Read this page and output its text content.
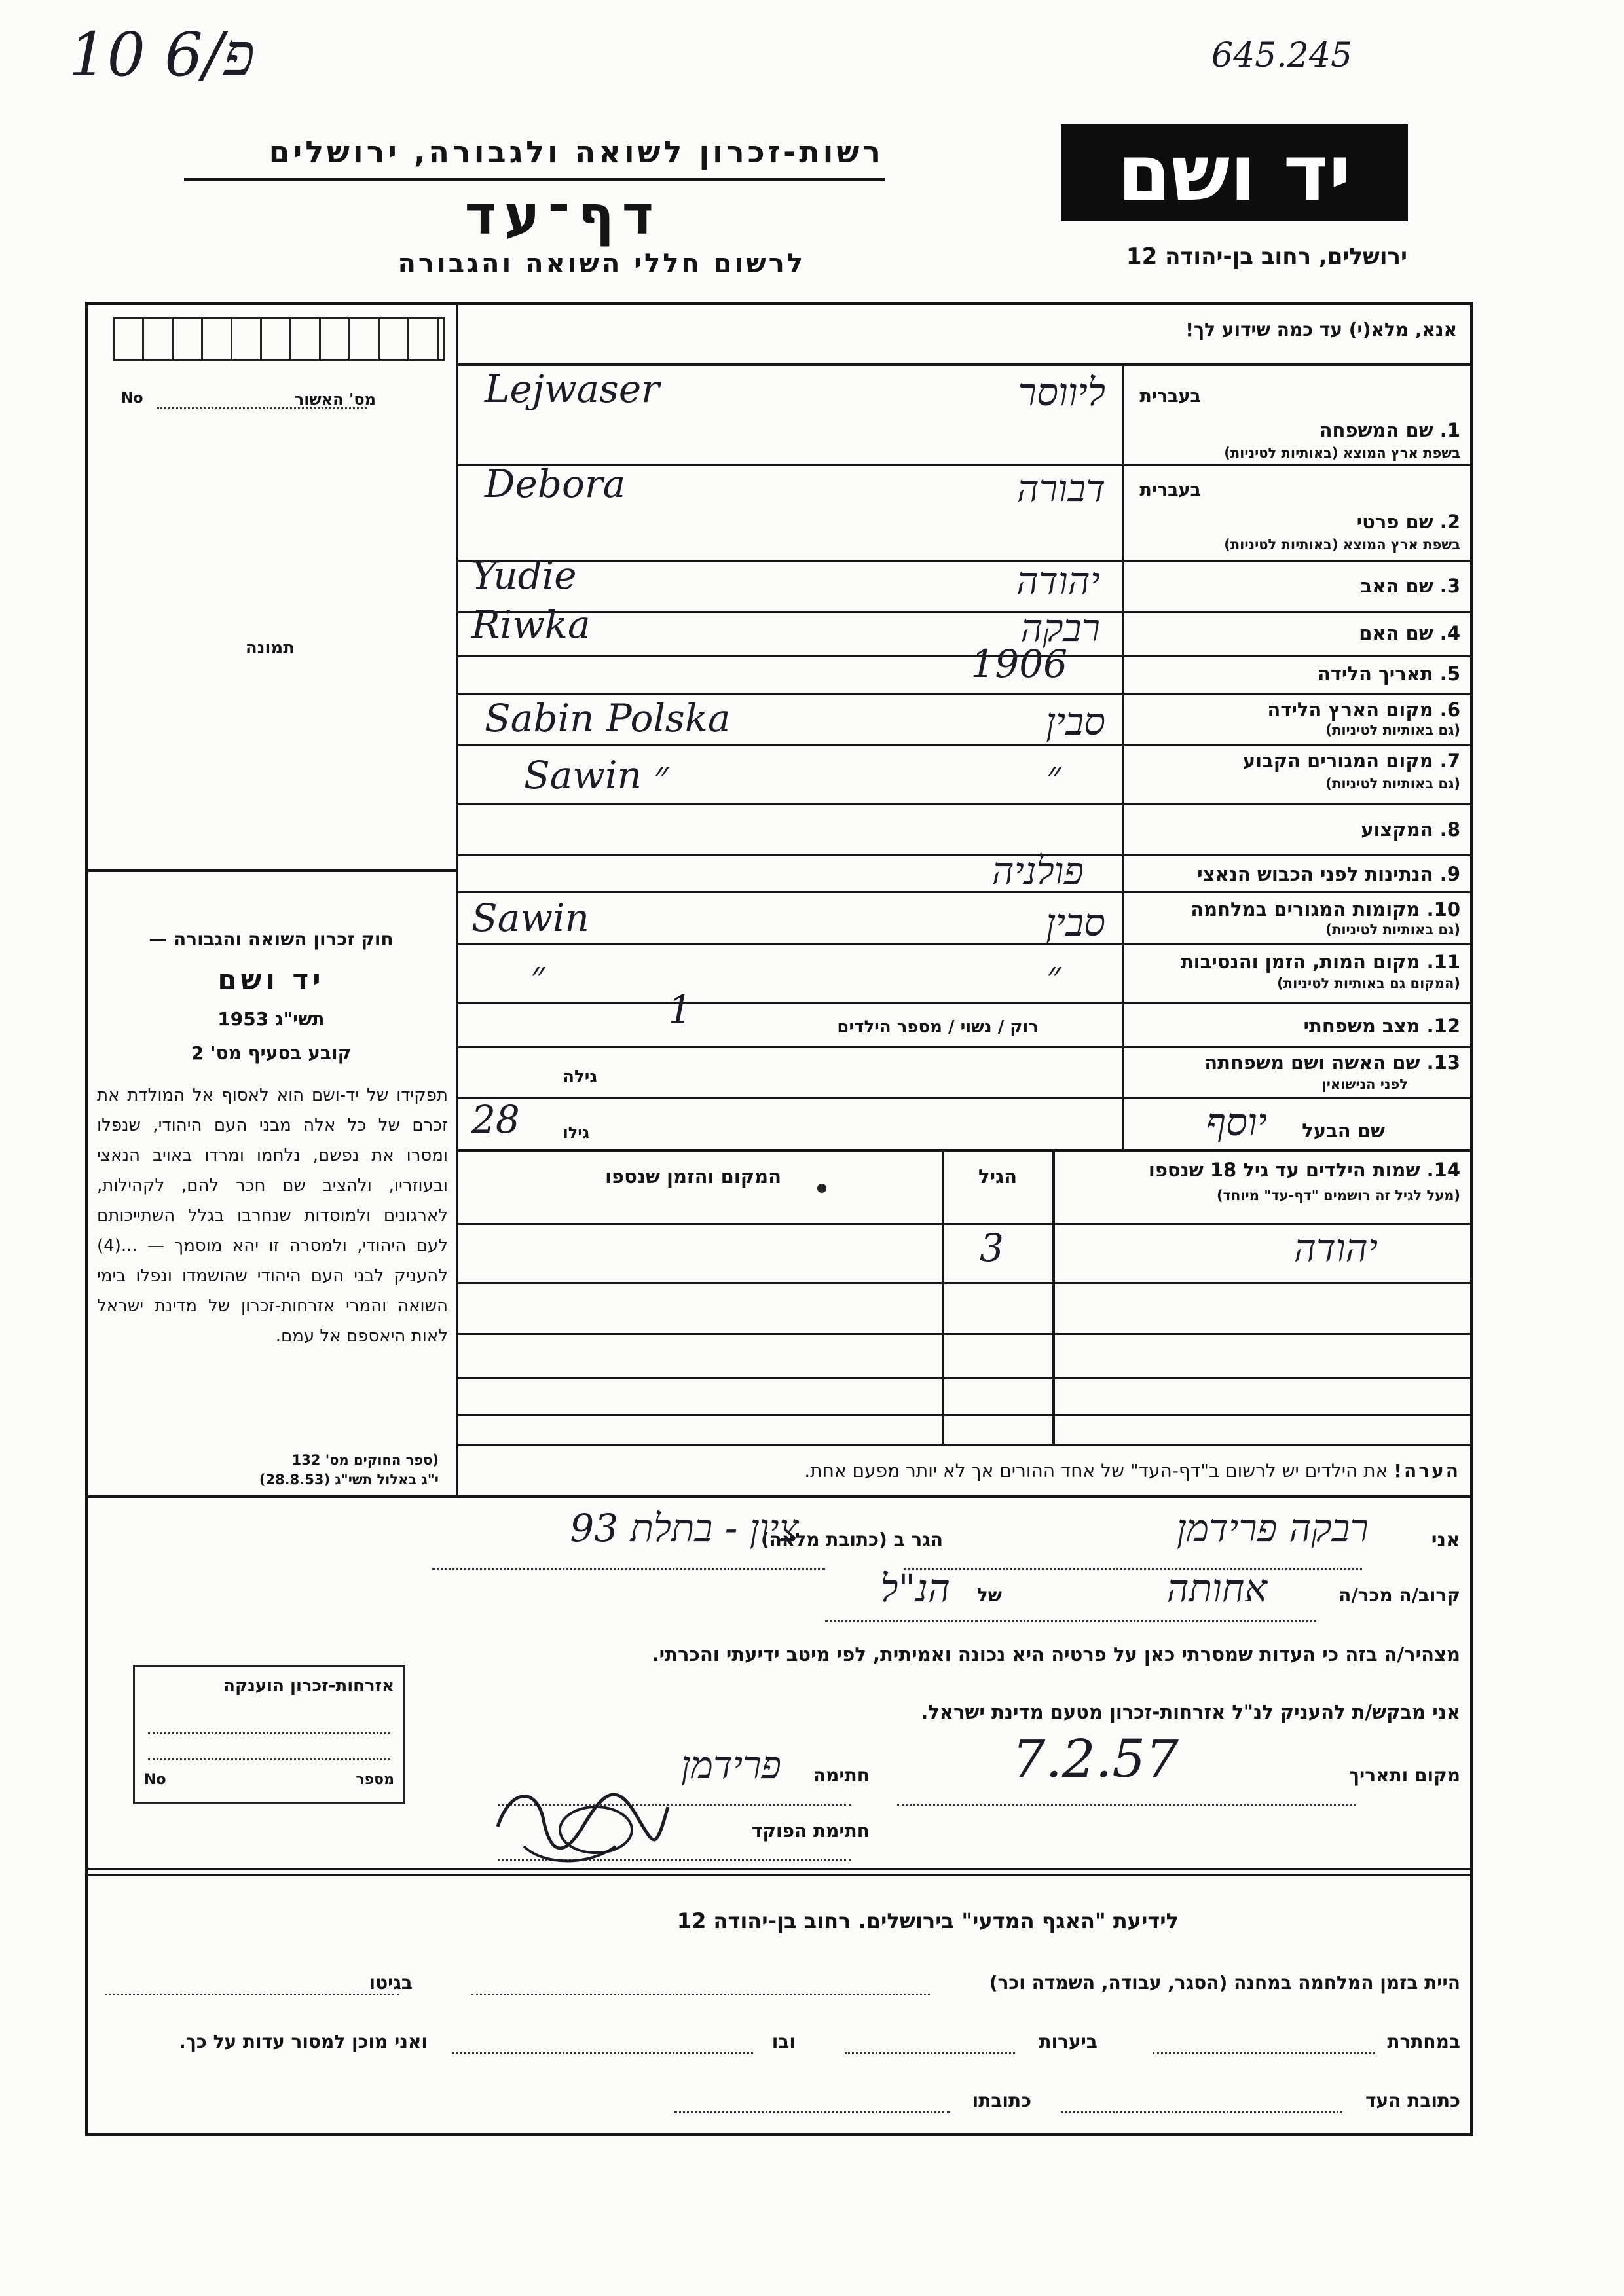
10 6/פ	645.245
רשות-זכרון לשואה ולגבורה, ירושלים
דף־עד
לרשום חללי השואה והגבורה
יד ושם
ירושלים, רחוב בן-יהודה 12
מס' האשור
No
תמונה
חוק זכרון השואה והגבורה —
יד ושם
תשי"ג 1953
קובע בסעיף מס' 2
תפקידו של יד-ושם הוא לאסוף אל המולדת את זכרם של כל אלה מבני העם היהודי, שנפלו ומסרו את נפשם, נלחמו ומרדו באויב הנאצי ובעוזריו, ולהציב שם חכר להם, לקהילות, לארגונים ולמוסדות שנחרבו בגלל השתייכותם לעם היהודי, ולמסרה זו יהא מוסמך — ...(4) להעניק לבני העם היהודי שהושמדו ונפלו בימי השואה והמרי אזרחות-זכרון של מדינת ישראל לאות היאספם אל עמם.
(ספר החוקים מס' 132
י"ג באלול תשי"ג (28.8.53)
אנא, מלא(י) עד כמה שידוע לך!
בעברית
1. שם המשפחה
בשפת ארץ המוצא (באותיות לטיניות)
ליווסר
Lejwaser
בעברית
2. שם פרטי
בשפת ארץ המוצא (באותיות לטיניות)
דבורה
Debora
3. שם האב
יהודה
Yudie
4. שם האם
רבקה
Riwka
5. תאריך הלידה
1906
6. מקום הארץ הלידה
(גם באותיות לטיניות)
סבין
Sabin Polska
7. מקום המגורים הקבוע
(גם באותיות לטיניות)
״
Sawin ״
8. המקצוע
9. הנתינות לפני הכבוש הנאצי
פולניה
10. מקומות המגורים במלחמה
(גם באותיות לטיניות)
סבין
Sawin
11. מקום המות, הזמן והנסיבות
(המקום גם באותיות לטיניות)
״
״
12. מצב משפחתי
רוק / נשוי / מספר הילדים
1
13. שם האשה ושם משפחתה
לפני הנישואין
גילה
שם הבעל
יוסף
גילו
28
14. שמות הילדים עד גיל 18 שנספו
(מעל לגיל זה רושמים "דף-עד" מיוחד)
הגיל
המקום והזמן שנספו
יהודה
3
הערה! את הילדים יש לרשום ב"דף-העד" של אחד ההורים אך לא יותר מפעם אחת.
אני
רבקה פרידמן
הגר ב (כתובת מלאה)
ציון - בתלת 93
קרוב/ה מכר/ה
אחותה
של
הנ"ל
מצהיר/ה בזה כי העדות שמסרתי כאן על פרטיה היא נכונה ואמיתית, לפי מיטב ידיעתי והכרתי.
אני מבקש/ת להעניק לנ"ל אזרחות-זכרון מטעם מדינת ישראל.
מקום ותאריך
7.2.57
חתימה
פרידמן
חתימת הפוקד
אזרחות-זכרון הוענקה
מספר
No
לידיעת "האגף המדעי" בירושלים. רחוב בן-יהודה 12
היית בזמן המלחמה במחנה (הסגר, עבודה, השמדה וכר)
בגיטו
במחתרת
ביערות
ובו
ואני מוכן למסור עדות על כך.
כתובת העד
כתובתו
